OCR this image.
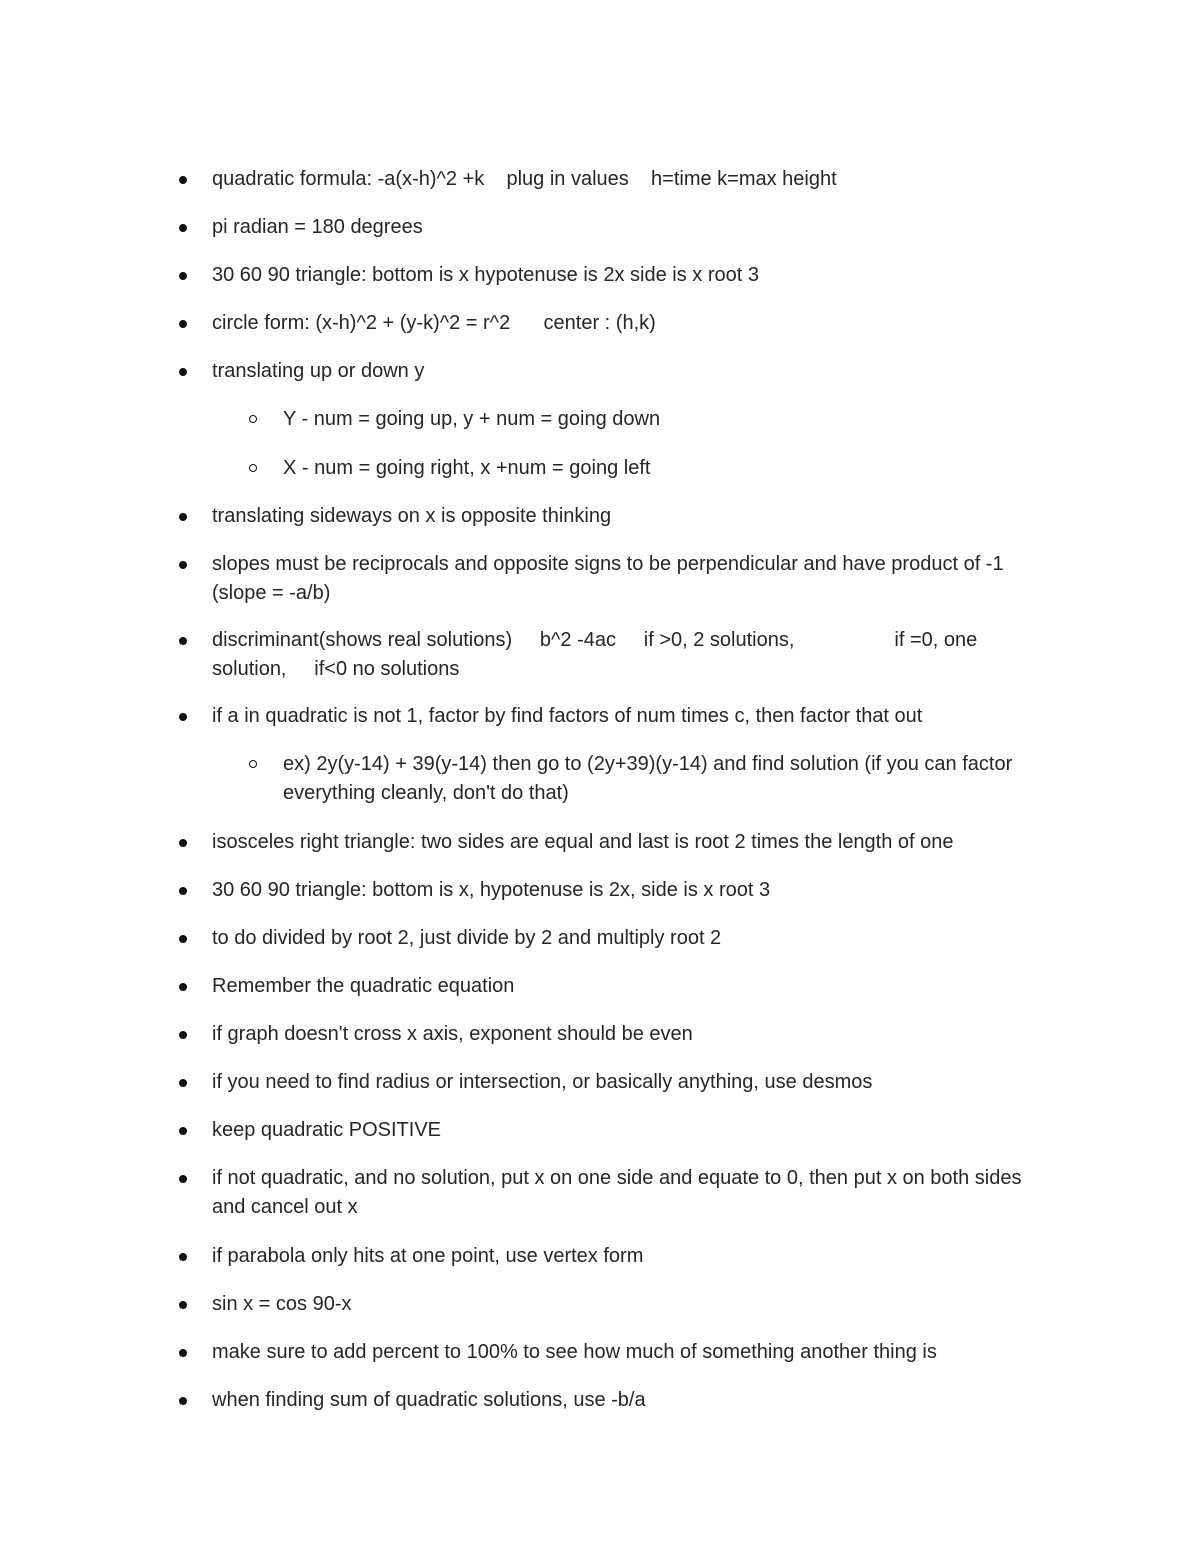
quadratic formula: -a(x-h)^2 +k    plug in values    h=time k=max height
pi radian = 180 degrees
30 60 90 triangle: bottom is x hypotenuse is 2x side is x root 3
circle form: (x-h)^2 + (y-k)^2 = r^2      center : (h,k)
translating up or down y
Y - num = going up, y + num = going down
X - num = going right, x +num = going left
translating sideways on x is opposite thinking
slopes must be reciprocals and opposite signs to be perpendicular and have product of -1 (slope = -a/b)
discriminant(shows real solutions)     b^2 -4ac     if >0, 2 solutions,                  if =0, one solution,     if<0 no solutions
if a in quadratic is not 1, factor by find factors of num times c, then factor that out
ex) 2y(y-14) + 39(y-14) then go to (2y+39)(y-14) and find solution (if you can factor everything cleanly, don't do that)
isosceles right triangle: two sides are equal and last is root 2 times the length of one
30 60 90 triangle: bottom is x, hypotenuse is 2x, side is x root 3
to do divided by root 2, just divide by 2 and multiply root 2
Remember the quadratic equation
if graph doesn't cross x axis, exponent should be even
if you need to find radius or intersection, or basically anything, use desmos
keep quadratic POSITIVE
if not quadratic, and no solution, put x on one side and equate to 0, then put x on both sides and cancel out x
if parabola only hits at one point, use vertex form
sin x = cos 90-x
make sure to add percent to 100% to see how much of something another thing is
when finding sum of quadratic solutions, use -b/a
